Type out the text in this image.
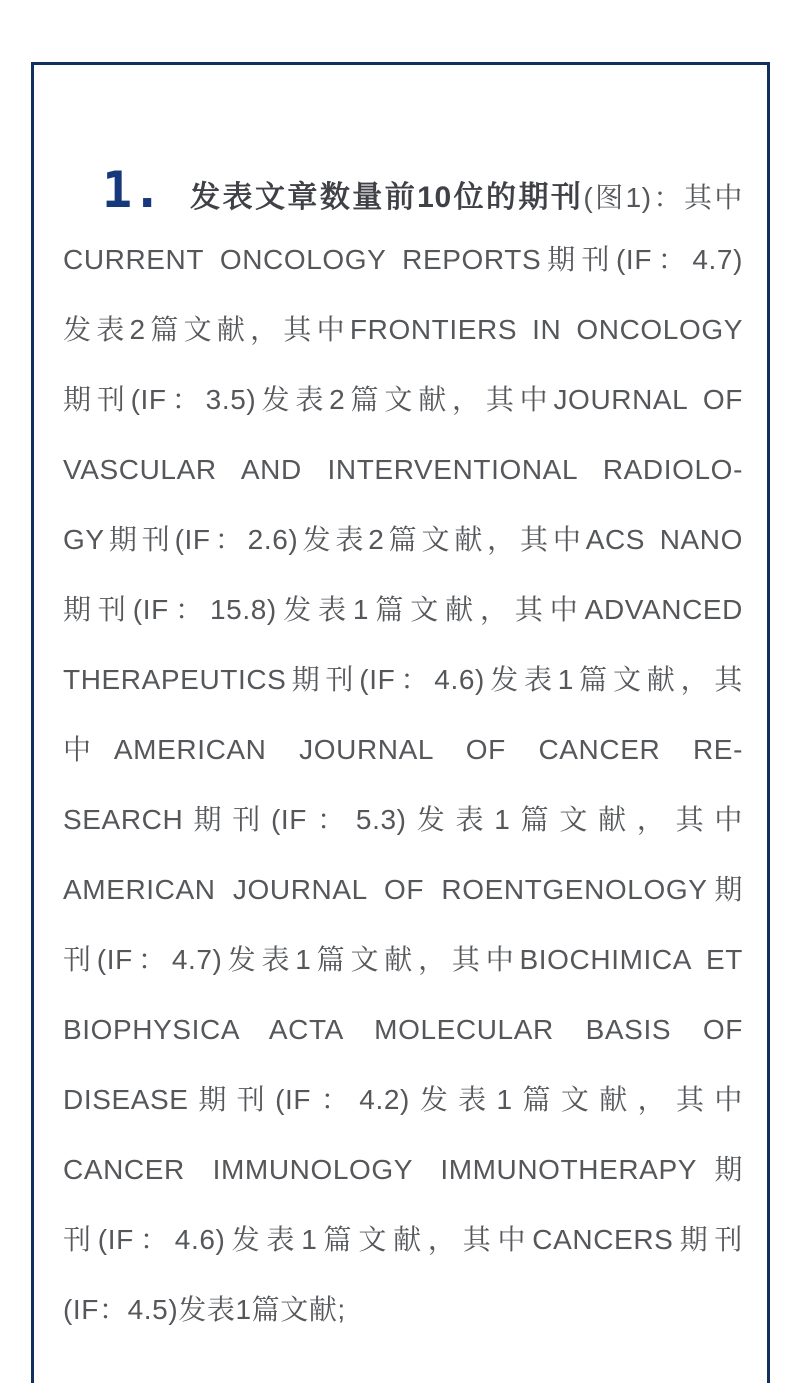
1. 发表文章数量前10位的期刊(图1)：其中
CURRENT ONCOLOGY REPORTS期刊(IF：4.7)
发表2篇文献，其中FRONTIERS IN ONCOLOGY
期刊(IF：3.5)发表2篇文献，其中JOURNAL OF
VASCULAR AND INTERVENTIONAL RADIOLO-
GY期刊(IF：2.6)发表2篇文献，其中ACS NANO
期刊(IF：15.8)发表1篇文献，其中ADVANCED
THERAPEUTICS期刊(IF：4.6)发表1篇文献，其
中AMERICAN JOURNAL OF CANCER RE-
SEARCH期刊(IF：5.3)发表1篇文献，其中
AMERICAN JOURNAL OF ROENTGENOLOGY期
刊(IF：4.7)发表1篇文献，其中BIOCHIMICA ET
BIOPHYSICA ACTA MOLECULAR BASIS OF
DISEASE期刊(IF：4.2)发表1篇文献，其中
CANCER IMMUNOLOGY IMMUNOTHERAPY期
刊(IF：4.6)发表1篇文献，其中CANCERS期刊
(IF：4.5)发表1篇文献;
